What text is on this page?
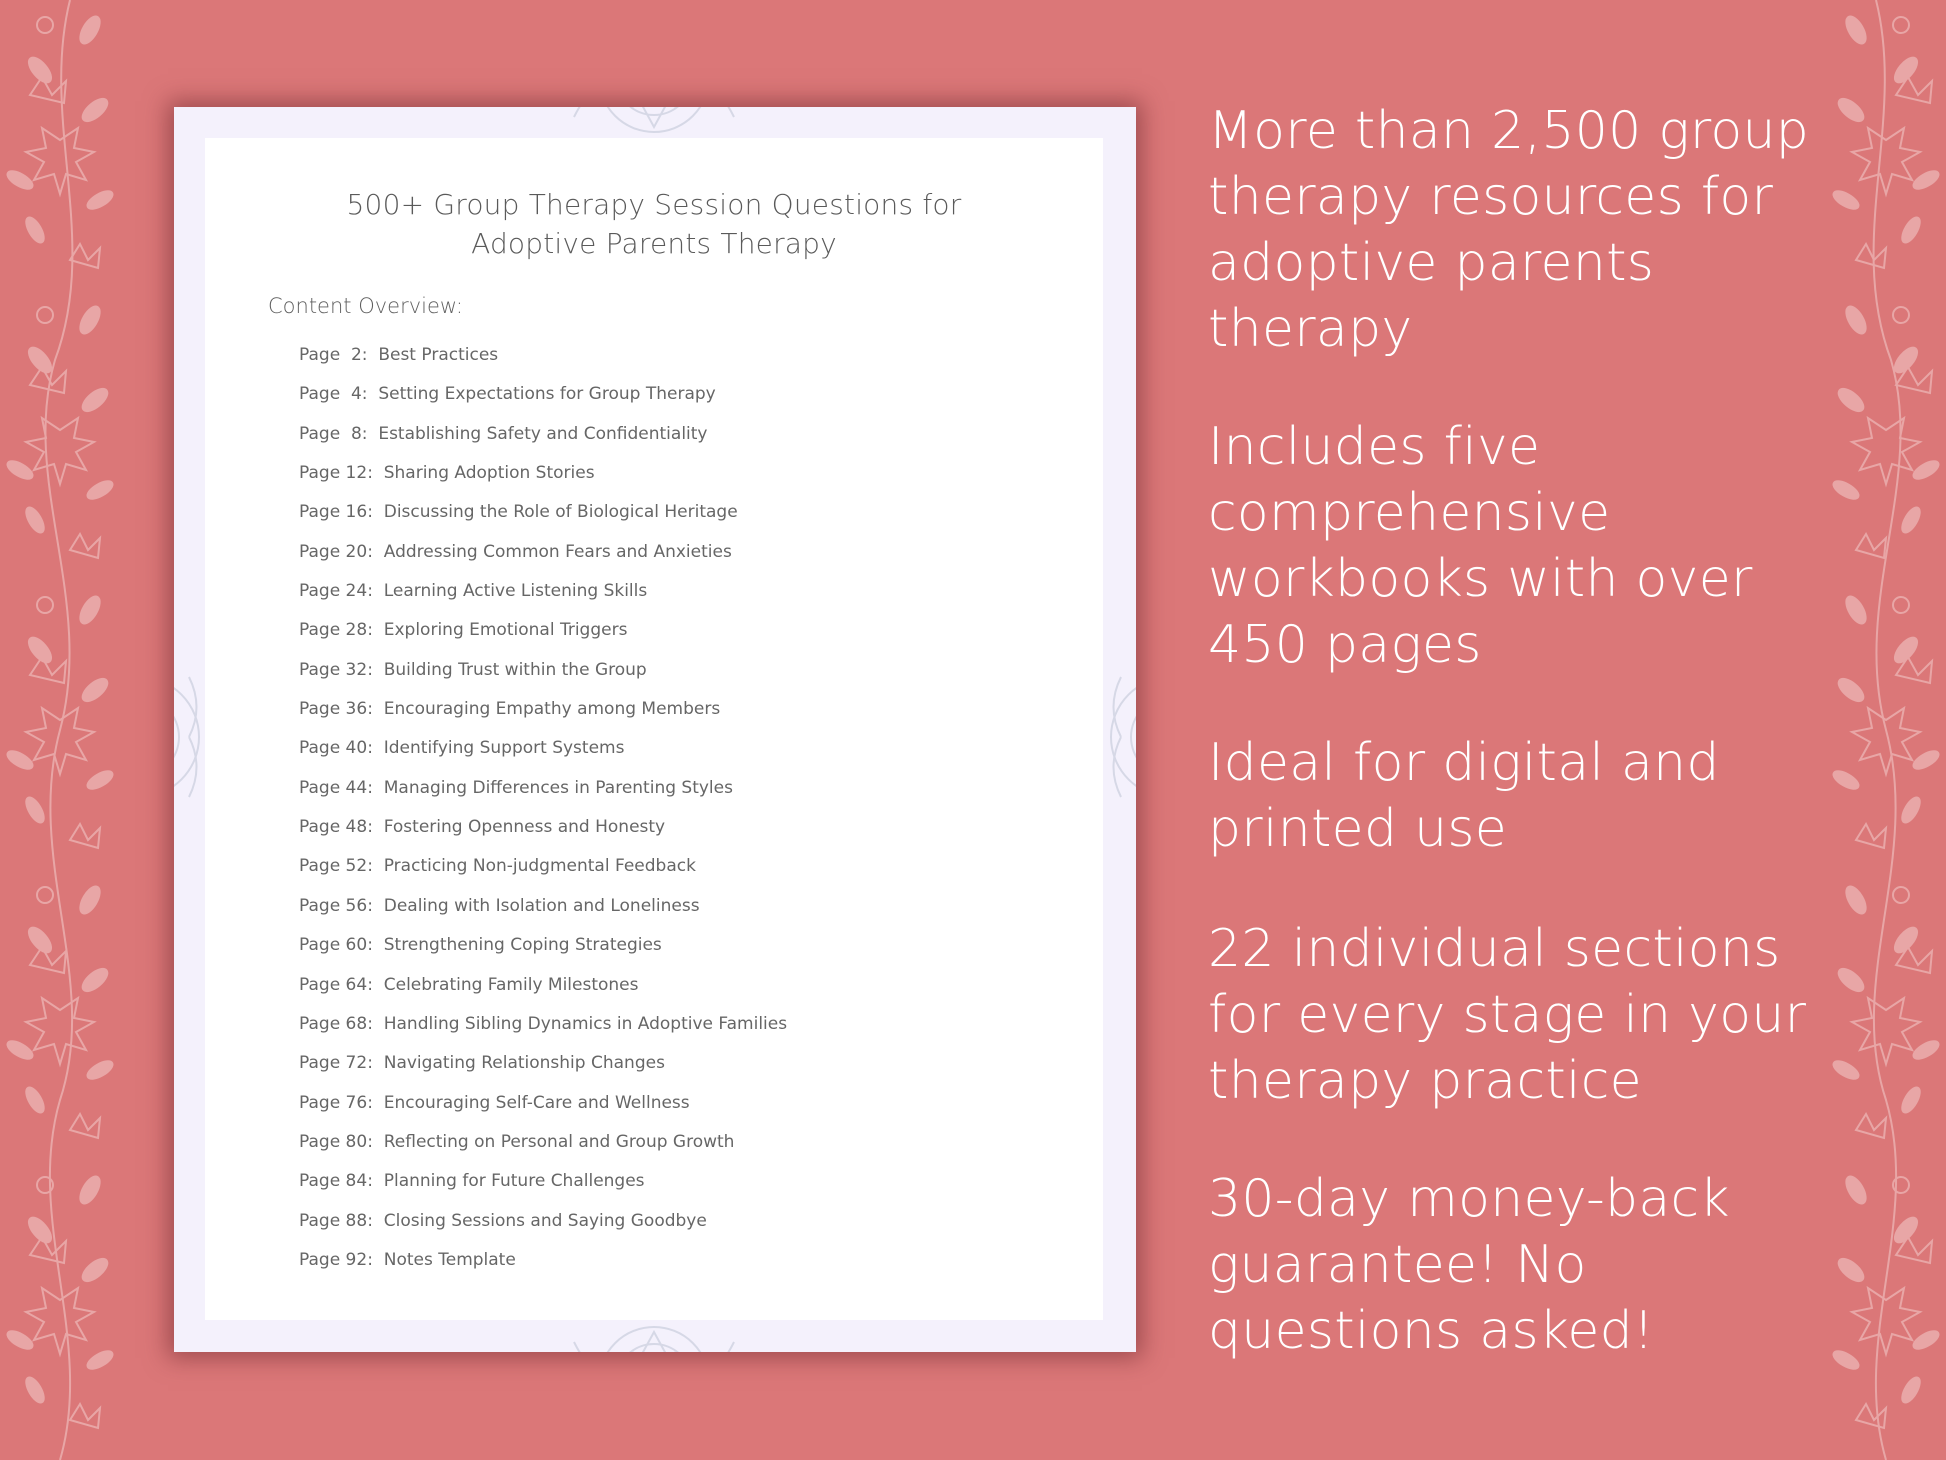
500+ Group Therapy Session Questions for
Adoptive Parents Therapy
Content Overview:
Page  2: Best Practices
Page  4: Setting Expectations for Group Therapy
Page  8: Establishing Safety and Confidentiality
Page 12: Sharing Adoption Stories
Page 16: Discussing the Role of Biological Heritage
Page 20: Addressing Common Fears and Anxieties
Page 24: Learning Active Listening Skills
Page 28: Exploring Emotional Triggers
Page 32: Building Trust within the Group
Page 36: Encouraging Empathy among Members
Page 40: Identifying Support Systems
Page 44: Managing Differences in Parenting Styles
Page 48: Fostering Openness and Honesty
Page 52: Practicing Non-judgmental Feedback
Page 56: Dealing with Isolation and Loneliness
Page 60: Strengthening Coping Strategies
Page 64: Celebrating Family Milestones
Page 68: Handling Sibling Dynamics in Adoptive Families
Page 72: Navigating Relationship Changes
Page 76: Encouraging Self-Care and Wellness
Page 80: Reflecting on Personal and Group Growth
Page 84: Planning for Future Challenges
Page 88: Closing Sessions and Saying Goodbye
Page 92: Notes Template
More than 2,500 group
therapy resources for
adoptive parents
therapy
Includes five
comprehensive
workbooks with over
450 pages
Ideal for digital and
printed use
22 individual sections
for every stage in your
therapy practice
30-day money-back
guarantee! No
questions asked!
